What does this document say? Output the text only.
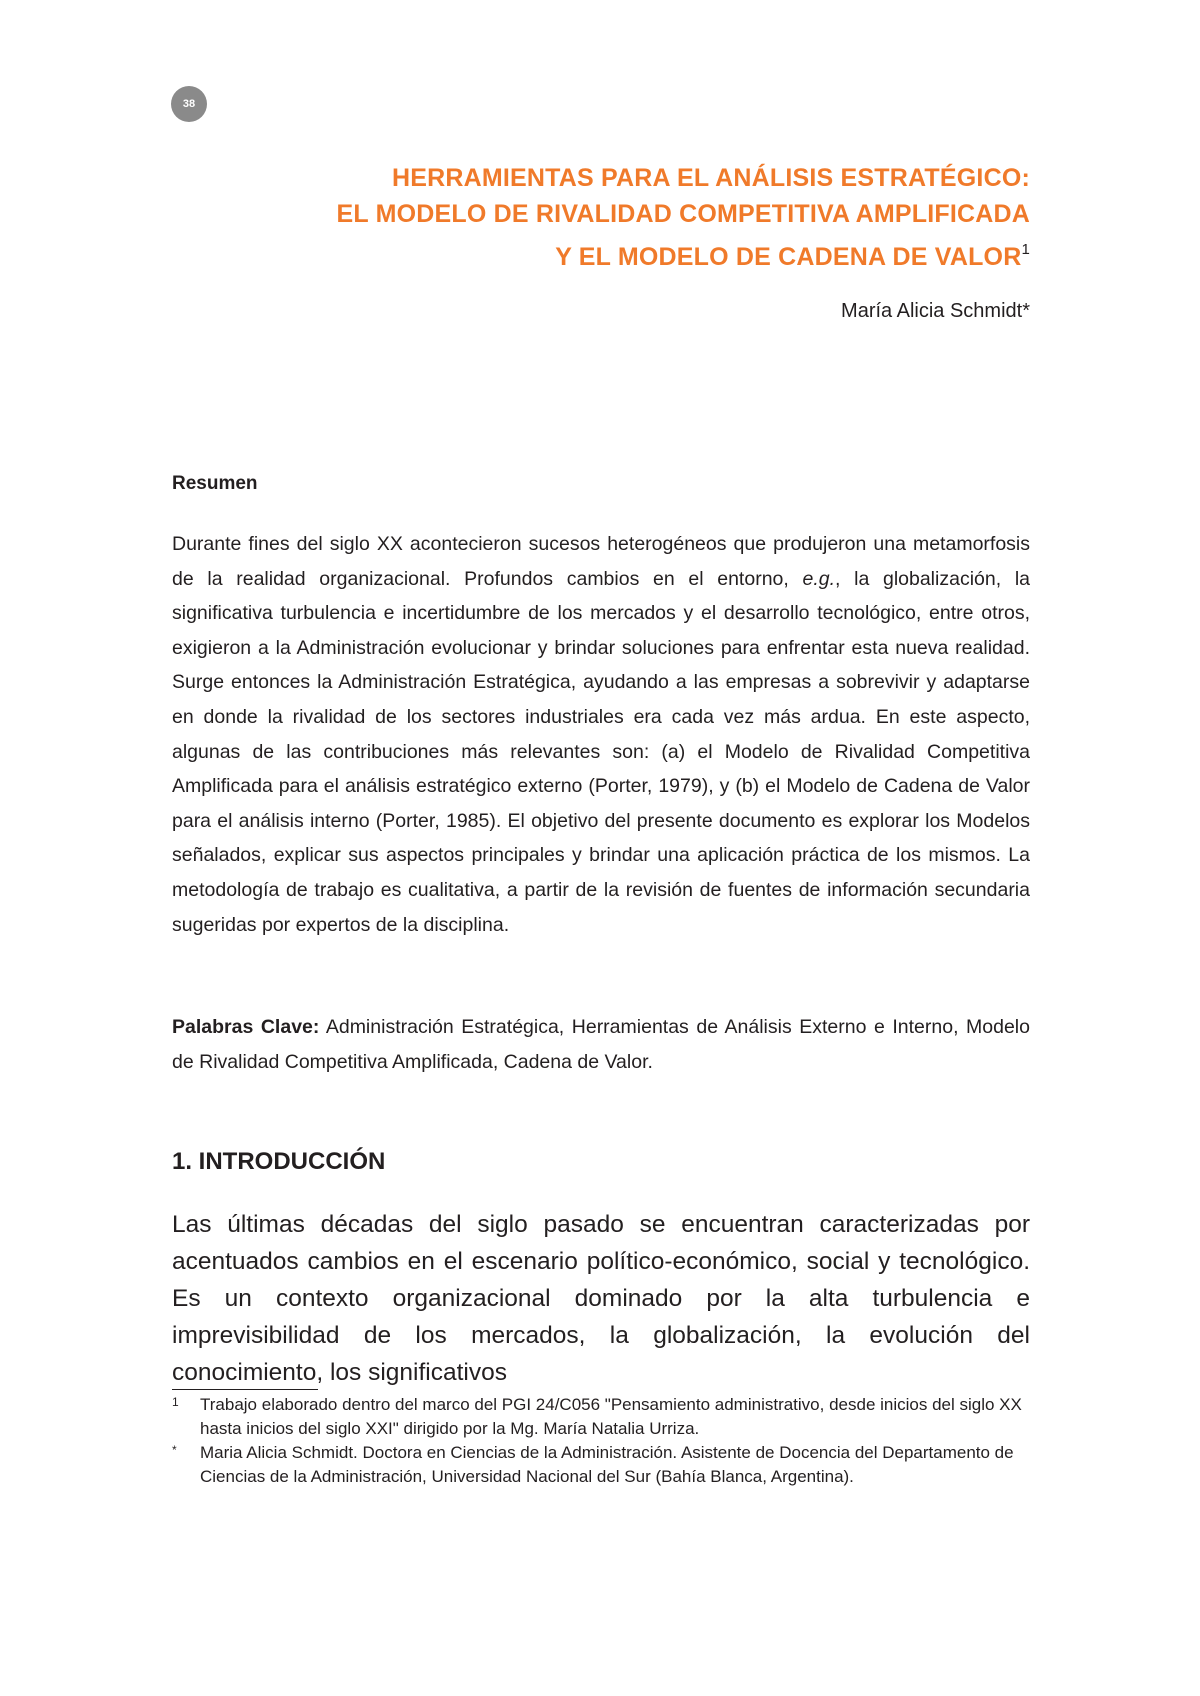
38
HERRAMIENTAS PARA EL ANÁLISIS ESTRATÉGICO:
EL MODELO DE RIVALIDAD COMPETITIVA AMPLIFICADA
Y EL MODELO DE CADENA DE VALOR$^1$
María Alicia Schmidt*
Resumen
Durante fines del siglo XX acontecieron sucesos heterogéneos que produjeron una metamorfosis de la realidad organizacional. Profundos cambios en el entorno, e.g., la globalización, la significativa turbulencia e incertidumbre de los mercados y el desarrollo tecnológico, entre otros, exigieron a la Administración evolucionar y brindar soluciones para enfrentar esta nueva realidad. Surge entonces la Administración Estratégica, ayudando a las empresas a sobrevivir y adaptarse en donde la rivalidad de los sectores industriales era cada vez más ardua. En este aspecto, algunas de las contribuciones más relevantes son: (a) el Modelo de Rivalidad Competitiva Amplificada para el análisis estratégico externo (Porter, 1979), y (b) el Modelo de Cadena de Valor para el análisis interno (Porter, 1985). El objetivo del presente documento es explorar los Modelos señalados, explicar sus aspectos principales y brindar una aplicación práctica de los mismos. La metodología de trabajo es cualitativa, a partir de la revisión de fuentes de información secundaria sugeridas por expertos de la disciplina.
Palabras Clave: Administración Estratégica, Herramientas de Análisis Externo e Interno, Modelo de Rivalidad Competitiva Amplificada, Cadena de Valor.
1. INTRODUCCIÓN
Las últimas décadas del siglo pasado se encuentran caracterizadas por acentuados cambios en el escenario político-económico, social y tecnológico. Es un contexto organizacional dominado por la alta turbulencia e imprevisibilidad de los mercados, la globalización, la evolución del conocimiento, los significativos
1	Trabajo elaborado dentro del marco del PGI 24/C056 "Pensamiento administrativo, desde inicios del siglo XX hasta inicios del siglo XXI" dirigido por la Mg. María Natalia Urriza.
*	Maria Alicia Schmidt. Doctora en Ciencias de la Administración. Asistente de Docencia del Departamento de Ciencias de la Administración, Universidad Nacional del Sur (Bahía Blanca, Argentina).
